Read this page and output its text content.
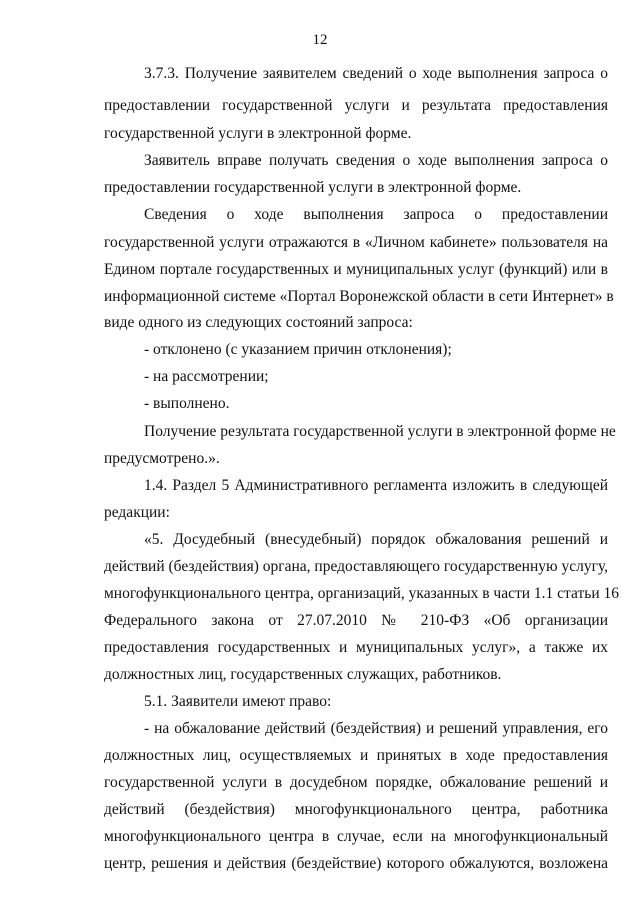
12
3.7.3. Получение заявителем сведений о ходе выполнения запроса о
предоставлении государственной услуги и результата предоставления
государственной услуги в электронной форме.
Заявитель вправе получать сведения о ходе выполнения запроса о
предоставлении государственной услуги в электронной форме.
Сведения о ходе выполнения запроса о предоставлении
государственной услуги отражаются в «Личном кабинете» пользователя на
Едином портале государственных и муниципальных услуг (функций) или в
информационной системе «Портал Воронежской области в сети Интернет» в
виде одного из следующих состояний запроса:
- отклонено (с указанием причин отклонения);
- на рассмотрении;
- выполнено.
Получение результата государственной услуги в электронной форме не
предусмотрено.».
1.4. Раздел 5 Административного регламента изложить в следующей
редакции:
«5. Досудебный (внесудебный) порядок обжалования решений и
действий (бездействия) органа, предоставляющего государственную услугу,
многофункционального центра, организаций, указанных в части 1.1 статьи 16
Федерального закона от 27.07.2010 № 210-ФЗ «Об организации
предоставления государственных и муниципальных услуг», а также их
должностных лиц, государственных служащих, работников.
5.1. Заявители имеют право:
- на обжалование действий (бездействия) и решений управления, его
должностных лиц, осуществляемых и принятых в ходе предоставления
государственной услуги в досудебном порядке, обжалование решений и
действий (бездействия) многофункционального центра, работника
многофункционального центра в случае, если на многофункциональный
центр, решения и действия (бездействие) которого обжалуются, возложена
